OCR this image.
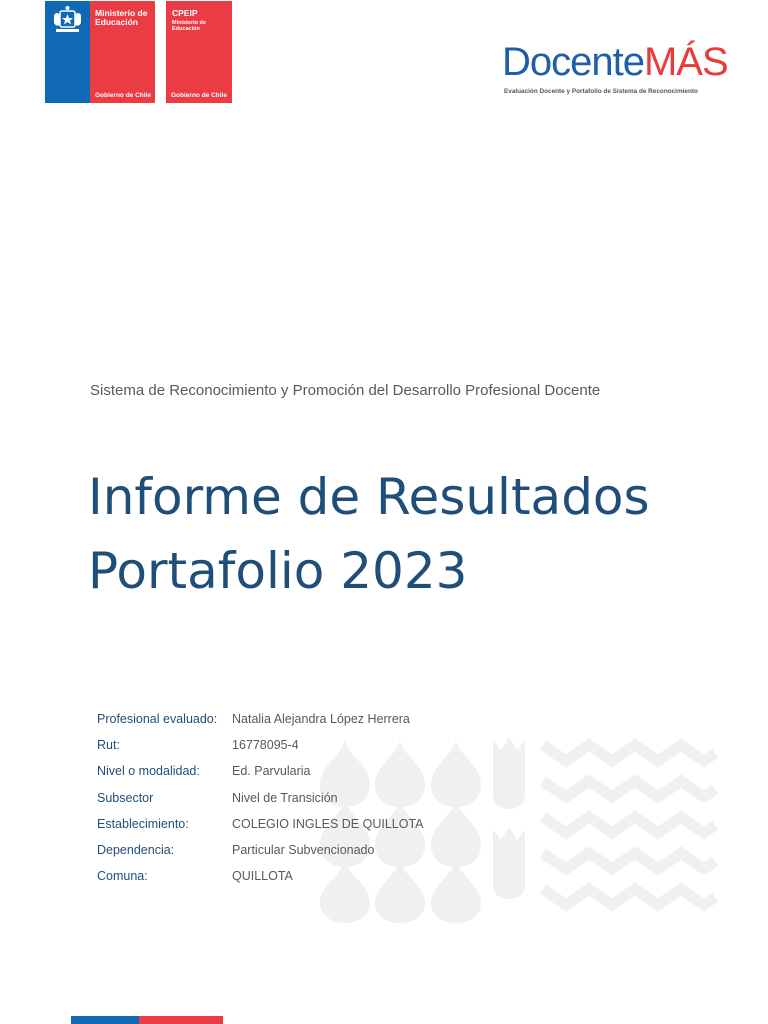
Ministerio de
Educación
Gobierno de Chile
CPEIP
Ministerio de
Educación
Gobierno de Chile
DocenteMÁS
Evaluación Docente y Portafolio de Sistema de Reconocimiento
Sistema de Reconocimiento y Promoción del Desarrollo Profesional Docente
Informe de Resultados
Portafolio 2023
Profesional evaluado:	Natalia Alejandra López Herrera
Rut:	16778095-4
Nivel o modalidad:	Ed. Parvularia
Subsector	Nivel de Transición
Establecimiento:	COLEGIO INGLES DE QUILLOTA
Dependencia:	Particular Subvencionado
Comuna:	QUILLOTA
